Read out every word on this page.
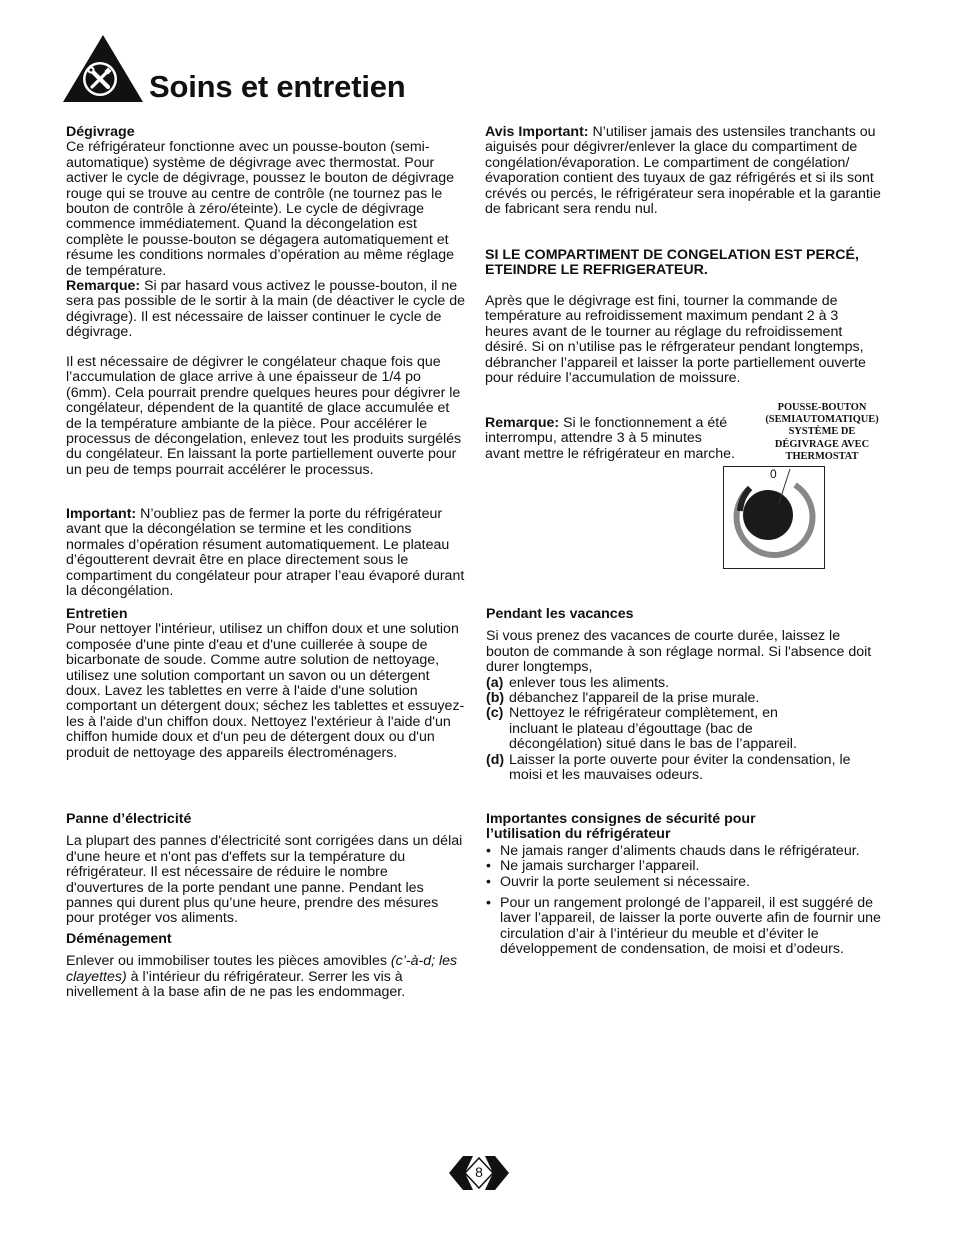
Soins et entretien

Dégivrage

Ce réfrigérateur fonctionne avec un pousse-bouton (semi-automatique) système de dégivrage avec thermostat. Pour activer le cycle de dégivrage, poussez le bouton de dégivrage rouge qui se trouve au centre de contrôle (ne tournez pas le bouton de contrôle à zéro/éteinte). Le cycle de dégivrage commence immédiatement. Quand la décongelation est complète le pousse-bouton se dégagera automatiquement et résume les conditions normales d’opération au même réglage de température.

Remarque: Si par hasard vous activez le pousse-bouton, il ne sera pas possible de le sortir à la main (de déactiver le cycle de dégivrage). Il est nécessaire de laisser continuer le cycle de dégivrage.

Il est nécessaire de dégivrer le congélateur chaque fois que l’accumulation de glace arrive à une épaisseur de 1/4 po (6mm). Cela pourrait prendre quelques heures pour dégivrer le congélateur, dépendent de la quantité de glace accumulée et de la température ambiante de la pièce. Pour accélérer le processus de décongelation, enlevez tout les produits surgélés du congélateur. En laissant la porte partiellement ouverte pour un peu de temps pourrait accélérer le processus.

Important: N’oubliez pas de fermer la porte du réfrigérateur avant que la décongélation se termine et les conditions normales d’opération résument automatiquement. Le plateau d’égoutterent devrait être en place directement sous le compartiment du congélateur pour atraper l’eau évaporé durant la décongélation.

Entretien

Pour nettoyer l'intérieur, utilisez un chiffon doux et une solution composée d'une pinte d'eau et d'une cuillerée à soupe de bicarbonate de soude. Comme autre solution de nettoyage, utilisez une solution comportant un savon ou un détergent doux. Lavez les tablettes en verre à l'aide d'une solution comportant un détergent doux; séchez les tablettes et essuyez-les à l'aide d'un chiffon doux. Nettoyez l'extérieur à l'aide d'un chiffon humide doux et d'un peu de détergent doux ou d'un produit de nettoyage des appareils électroménagers.

Panne d’électricité

La plupart des pannes d'électricité sont corrigées dans un délai d'une heure et n'ont pas d'effets sur la température du réfrigérateur. Il est nécessaire de réduire le nombre d'ouvertures de la porte pendant une panne. Pendant les pannes qui durent plus qu’une heure, prendre des mésures pour protéger vos aliments.

Déménagement

Enlever ou immobiliser toutes les pièces amovibles (c’-à-d; les clayettes) à l’intérieur du réfrigérateur. Serrer les vis à nivellement à la base afin de ne pas les endommager.

Avis Important: N’utiliser jamais des ustensiles tranchants ou aiguisés pour dégivrer/enlever la glace du compartiment de congélation/évaporation. Le compartiment de congélation/évaporation contient des tuyaux de gaz réfrigérés et si ils sont crévés ou percés, le réfrigérateur sera inopérable et la garantie de fabricant sera rendu nul.

SI LE COMPARTIMENT DE CONGELATION EST PERCÉ, ETEINDRE LE REFRIGERATEUR.

Après que le dégivrage est fini, tourner la commande de température au refroidissement maximum pendant 2 à 3 heures avant de le tourner au réglage du refroidissement désiré. Si on n’utilise pas le réfrgerateur pendant longtemps, débrancher l’appareil et laisser la porte partiellement ouverte pour réduire l’accumulation de moissure.

Remarque: Si le fonctionnement a été interrompu, attendre 3 à 5 minutes avant mettre le réfrigérateur en marche.

POUSSE-BOUTON
(SEMIAUTOMATIQUE)
SYSTÈME DE
DÉGIVRAGE AVEC
THERMOSTAT
0

Pendant les vacances

Si vous prenez des vacances de courte durée, laissez le bouton de commande à son réglage normal. Si l'absence doit durer longtemps,

(a) enlever tous les aliments.
(b) débanchez l'appareil de la prise murale.
(c) Nettoyez le réfrigérateur complètement, en incluant le plateau d’égouttage (bac de décongélation) situé dans le bas de l’appareil.
(d) Laisser la porte ouverte pour éviter la condensation, le moisi et les mauvaises odeurs.

Importantes consignes de sécurité pour

l’utilisation du réfrigérateur

• Ne jamais ranger d’aliments chauds dans le réfrigérateur.
• Ne jamais surcharger l’appareil.
• Ouvrir la porte seulement si nécessaire.
• Pour un rangement prolongé de l’appareil, il est suggéré de laver l’appareil, de laisser la porte ouverte afin de fournir une circulation d’air à l’intérieur du meuble et d’éviter le développement de condensation, de moisi et d’odeurs.
8
